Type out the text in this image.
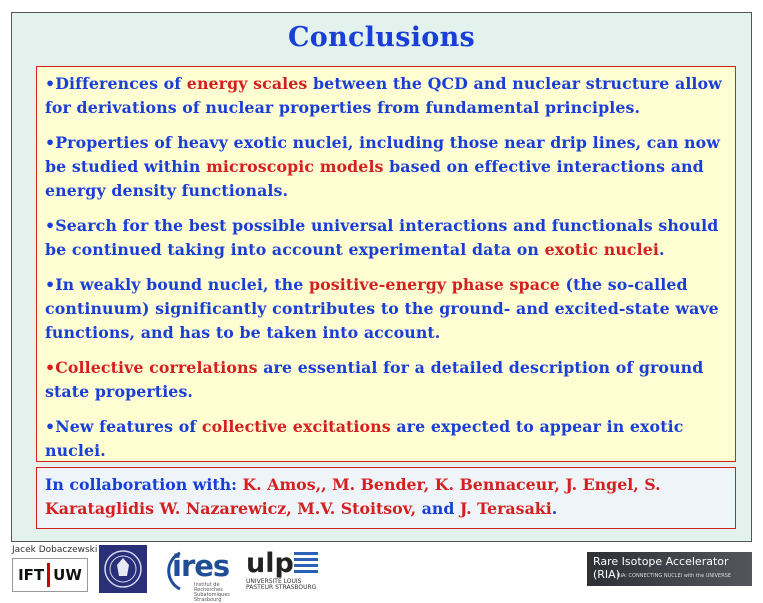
Conclusions

•Differences of energy scales between the QCD and nuclear structure allow for derivations of nuclear properties from fundamental principles.

•Properties of heavy exotic nuclei, including those near drip lines, can now be studied within microscopic models based on effective interactions and energy density functionals.

•Search for the best possible universal interactions and functionals should be continued taking into account experimental data on exotic nuclei.

•In weakly bound nuclei, the positive-energy phase space (the so-called continuum) significantly contributes to the ground- and excited-state wave functions, and has to be taken into account.

•Collective correlations are essential for a detailed description of ground state properties.

•New features of collective excitations are expected to appear in exotic nuclei.

In collaboration with: K. Amos,, M. Bender, K. Bennaceur, J. Engel, S. Karataglidis W. Nazarewicz, M.V. Stoitsov, and J. Terasaki.

Jacek Dobaczewski
IFT UW	ires
Institut de Recherches Subatomiques Strasbourg
ulp
UNIVERSITÉ LOUIS PASTEUR STRASBOURG
Rare Isotope Accelerator (RIA)
RIA: CONNECTING NUCLEI with the UNIVERSE
